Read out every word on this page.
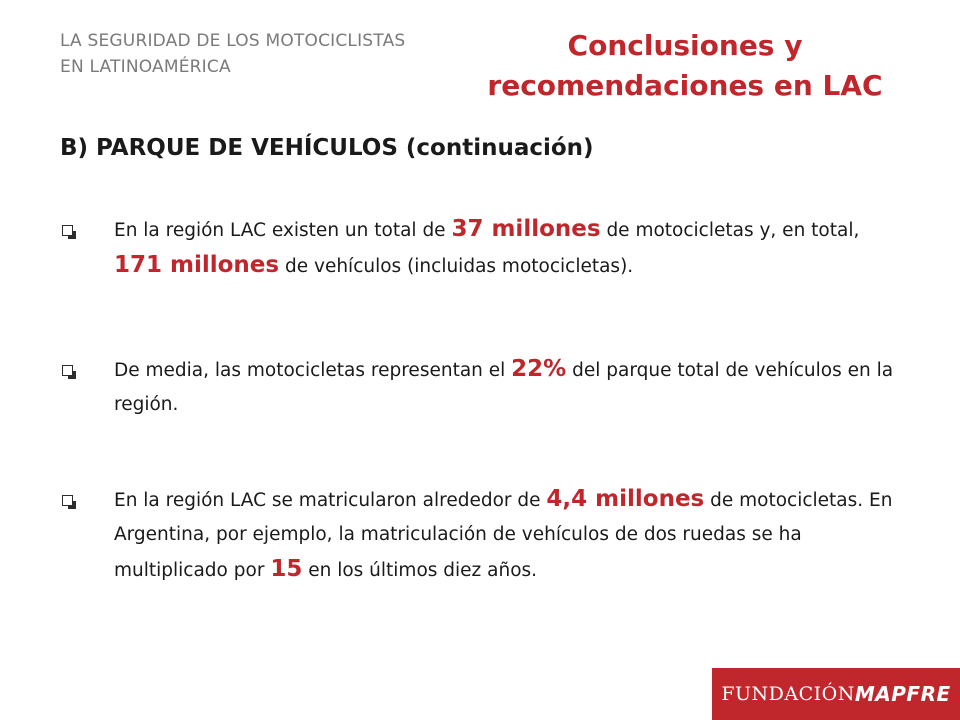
LA SEGURIDAD DE LOS MOTOCICLISTAS
EN LATINOAMÉRICA
Conclusiones y
recomendaciones en LAC
B) PARQUE DE VEHÍCULOS (continuación)
En la región LAC existen un total de 37 millones de motocicletas y, en total, 171 millones de vehículos (incluidas motocicletas).
De media, las motocicletas representan el 22% del parque total de vehículos en la región.
En la región LAC se matricularon alrededor de 4,4 millones de motocicletas. En Argentina, por ejemplo, la matriculación de vehículos de dos ruedas se ha multiplicado por 15 en los últimos diez años.
FUNDACIÓN MAPFRE
